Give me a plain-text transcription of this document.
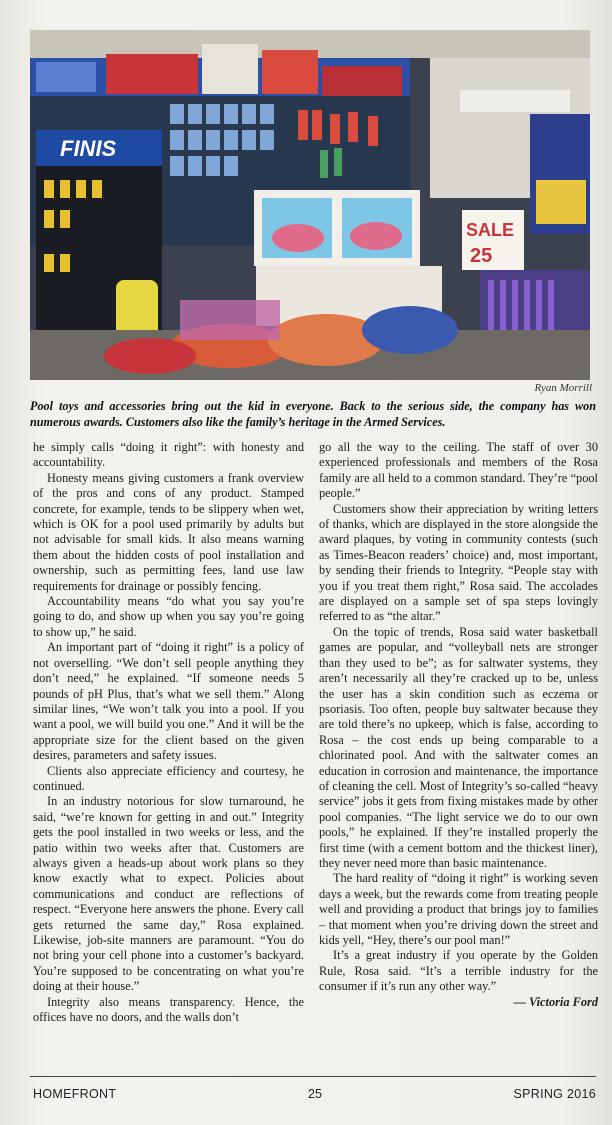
FINIS
SALE
25
Ryan Morrill
Pool toys and accessories bring out the kid in everyone. Back to the serious side, the company has won numerous awards. Customers also like the family’s heritage in the Armed Services.

he simply calls “doing it right”: with honesty and accountability.

Honesty means giving customers a frank overview of the pros and cons of any product. Stamped concrete, for example, tends to be slippery when wet, which is OK for a pool used primarily by adults but not advisable for small kids. It also means warning them about the hidden costs of pool installation and ownership, such as permitting fees, land use law requirements for drainage or possibly fencing.

Accountability means “do what you say you’re going to do, and show up when you say you’re going to show up,” he said.

An important part of “doing it right” is a policy of not overselling. “We don’t sell people anything they don’t need,” he explained. “If someone needs 5 pounds of pH Plus, that’s what we sell them.” Along similar lines, “We won’t talk you into a pool. If you want a pool, we will build you one.” And it will be the appropriate size for the client based on the given desires, parameters and safety issues.

Clients also appreciate efficiency and courtesy, he continued.

In an industry notorious for slow turnaround, he said, “we’re known for getting in and out.” Integrity gets the pool installed in two weeks or less, and the patio within two weeks after that. Customers are always given a heads-up about work plans so they know exactly what to expect. Policies about communications and conduct are reflections of respect. “Everyone here answers the phone. Every call gets returned the same day,” Rosa explained. Likewise, job-site manners are paramount. “You do not bring your cell phone into a customer’s backyard. You’re supposed to be concentrating on what you’re doing at their house.”

Integrity also means transparency. Hence, the offices have no doors, and the walls don’t

go all the way to the ceiling. The staff of over 30 experienced professionals and members of the Rosa family are all held to a common standard. They’re “pool people.”

Customers show their appreciation by writing letters of thanks, which are displayed in the store alongside the award plaques, by voting in community contests (such as Times-Beacon readers’ choice) and, most important, by sending their friends to Integrity. “People stay with you if you treat them right,” Rosa said. The accolades are displayed on a sample set of spa steps lovingly referred to as “the altar.”

On the topic of trends, Rosa said water basketball games are popular, and “volleyball nets are stronger than they used to be”; as for saltwater systems, they aren’t necessarily all they’re cracked up to be, unless the user has a skin condition such as eczema or psoriasis. Too often, people buy saltwater because they are told there’s no upkeep, which is false, according to Rosa – the cost ends up being comparable to a chlorinated pool. And with the saltwater comes an education in corrosion and maintenance, the importance of cleaning the cell. Most of Integrity’s so-called “heavy service” jobs it gets from fixing mistakes made by other pool companies. “The light service we do to our own pools,” he explained. If they’re installed properly the first time (with a cement bottom and the thickest liner), they never need more than basic maintenance.

The hard reality of “doing it right” is working seven days a week, but the rewards come from treating people well and providing a product that brings joy to families – that moment when you’re driving down the street and kids yell, “Hey, there’s our pool man!”

It’s a great industry if you operate by the Golden Rule, Rosa said. “It’s a terrible industry for the consumer if it’s run any other way.”

— Victoria Ford
HOMEFRONT	25	SPRING 2016
